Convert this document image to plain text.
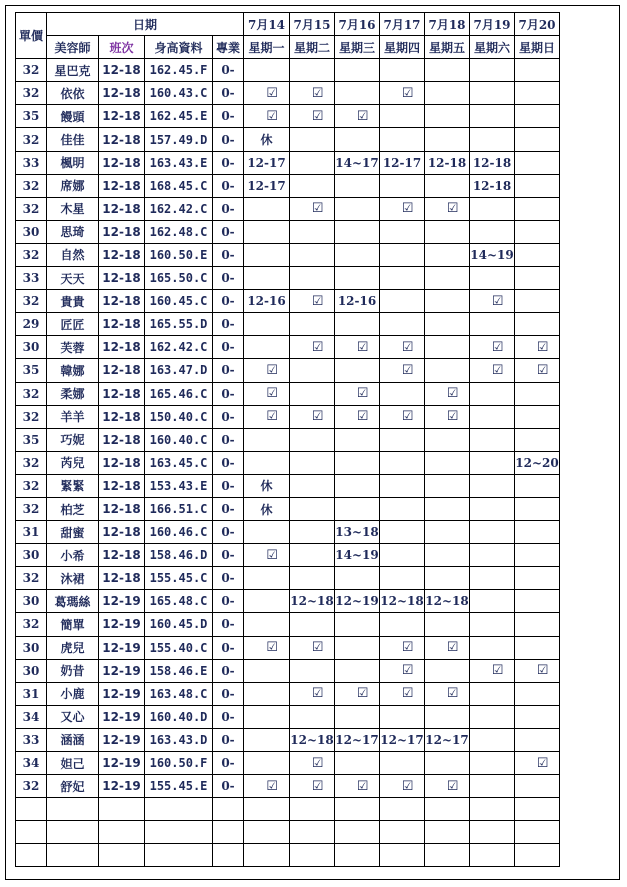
單價	日期				7月14	7月15	7月16	7月17	7月18	7月19	7月20
	美容師	班次	身高資料	專業	星期一	星期二	星期三	星期四	星期五	星期六	星期日
32	星巴克	12-18	162.45.F	0-							
32	依依	12-18	160.43.C	0-	☑	☑		☑			
35	饅頭	12-18	162.45.E	0-	☑	☑	☑				
32	佳佳	12-18	157.49.D	0-	休						
33	楓明	12-18	163.43.E	0-	12-17		14~17	12-17	12-18	12-18	
32	席娜	12-18	168.45.C	0-	12-17					12-18	
32	木星	12-18	162.42.C	0-		☑		☑	☑		
30	思琦	12-18	162.48.C	0-							
32	自然	12-18	160.50.E	0-						14~19	
33	天天	12-18	165.50.C	0-							
32	貴貴	12-18	160.45.C	0-	12-16	☑	12-16			☑	
29	匠匠	12-18	165.55.D	0-							
30	芙蓉	12-18	162.42.C	0-		☑	☑	☑		☑	☑
35	韓娜	12-18	163.47.D	0-	☑			☑		☑	☑
32	柔娜	12-18	165.46.C	0-	☑		☑		☑		
32	羊羊	12-18	150.40.C	0-	☑	☑	☑	☑	☑		
35	巧妮	12-18	160.40.C	0-							
32	芮兒	12-18	163.45.C	0-							12~20
32	緊緊	12-18	153.43.E	0-	休						
32	柏芝	12-18	166.51.C	0-	休						
31	甜蜜	12-18	160.46.C	0-			13~18				
30	小希	12-18	158.46.D	0-	☑		14~19				
32	沐裙	12-18	155.45.C	0-							
30	葛瑪絲	12-19	165.48.C	0-		12~18	12~19	12~18	12~18		
32	簡單	12-19	160.45.D	0-							
30	虎兒	12-19	155.40.C	0-	☑	☑		☑	☑		
30	奶昔	12-19	158.46.E	0-				☑		☑	☑
31	小鹿	12-19	163.48.C	0-		☑	☑	☑	☑		
34	又心	12-19	160.40.D	0-							
33	涵涵	12-19	163.43.D	0-		12~18	12~17	12~17	12~17		
34	妲己	12-19	160.50.F	0-		☑					☑
32	舒妃	12-19	155.45.E	0-	☑	☑	☑	☑	☑		
